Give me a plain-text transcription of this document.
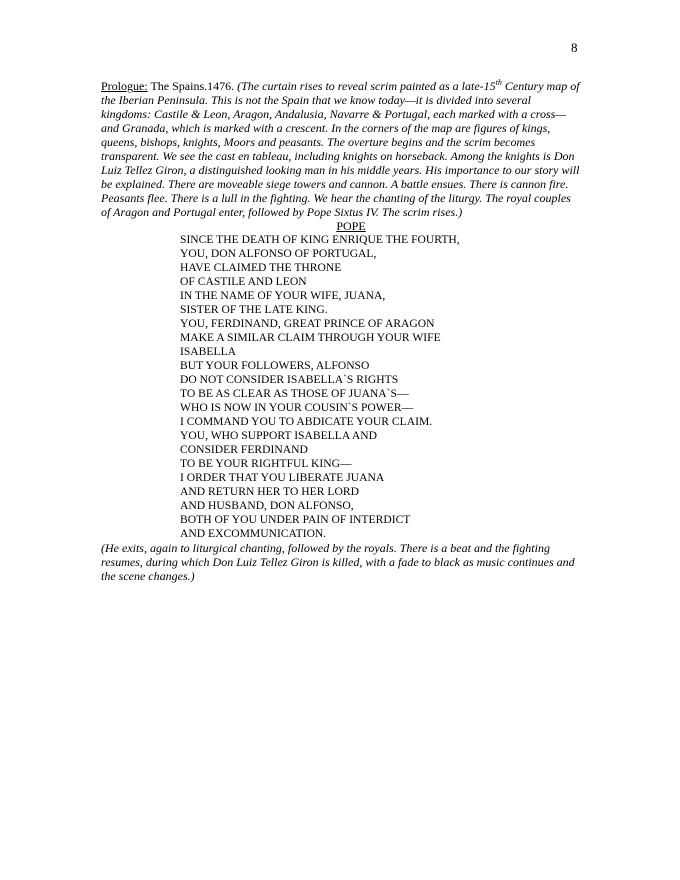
8

Prologue: The Spains.1476. (The curtain rises to reveal scrim painted as a late-15th Century map of the Iberian Peninsula. This is not the Spain that we know today—it is divided into several kingdoms: Castile & Leon, Aragon, Andalusia, Navarre & Portugal, each marked with a cross—and Granada, which is marked with a crescent. In the corners of the map are figures of kings, queens, bishops, knights, Moors and peasants. The overture begins and the scrim becomes transparent. We see the cast en tableau, including knights on horseback. Among the knights is Don Luiz Tellez Giron, a distinguished looking man in his middle years. His importance to our story will be explained. There are moveable siege towers and cannon. A battle ensues. There is cannon fire. Peasants flee. There is a lull in the fighting. We hear the chanting of the liturgy. The royal couples of Aragon and Portugal enter, followed by Pope Sixtus IV. The scrim rises.)

POPE
SINCE THE DEATH OF KING ENRIQUE THE FOURTH,
YOU, DON ALFONSO OF PORTUGAL,
HAVE CLAIMED THE THRONE
OF CASTILE AND LEON
IN THE NAME OF YOUR WIFE, JUANA,
SISTER OF THE LATE KING.
YOU, FERDINAND, GREAT PRINCE OF ARAGON
MAKE A SIMILAR CLAIM THROUGH YOUR WIFE
ISABELLA
BUT YOUR FOLLOWERS, ALFONSO
DO NOT CONSIDER ISABELLA`S RIGHTS
TO BE AS CLEAR AS THOSE OF JUANA`S—
WHO IS NOW IN YOUR COUSIN`S POWER—
I COMMAND YOU TO ABDICATE YOUR CLAIM.
YOU, WHO SUPPORT ISABELLA AND
CONSIDER FERDINAND
TO BE YOUR RIGHTFUL KING—
I ORDER THAT YOU LIBERATE JUANA
AND RETURN HER TO HER LORD
AND HUSBAND, DON ALFONSO,
BOTH OF YOU UNDER PAIN OF INTERDICT
AND EXCOMMUNICATION.

(He exits, again to liturgical chanting, followed by the royals. There is a beat and the fighting resumes, during which Don Luiz Tellez Giron is killed, with a fade to black as music continues and the scene changes.)
